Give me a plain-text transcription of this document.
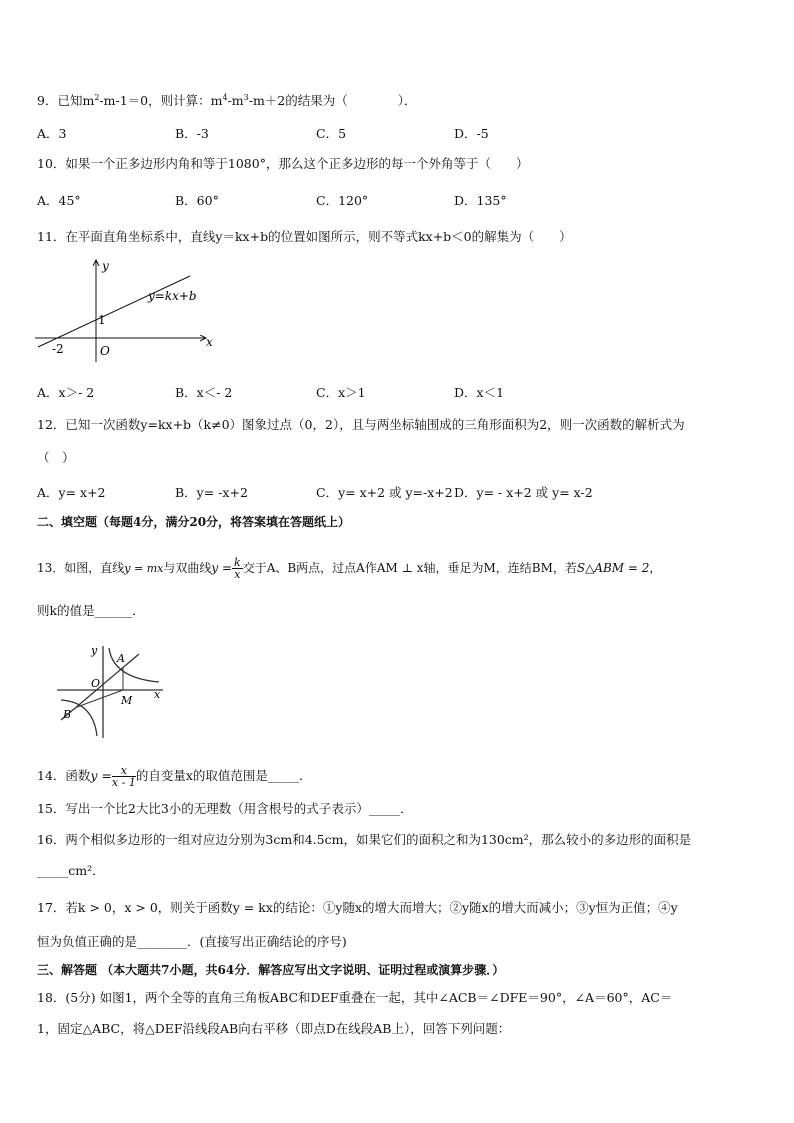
9．已知$m^2-m-1=0$，则计算：$m^4-m^3-m+2$的结果为（　　　　）．
A．3	B．-3	C．5	D．-5
10．如果一个正多边形内角和等于1080°，那么这个正多边形的每一个外角等于（　　）
A．45°	B．60°	C．120°	D．135°
11．在平面直角坐标系中，直线y＝kx+b的位置如图所示，则不等式kx+b＜0的解集为（　　）
x
y
y=kx+b
1
-2	O
A．x＞- 2	B．x＜- 2	C．x＞1	D．x＜1
12．已知一次函数y=kx+b（k≠0）图象过点（0，2），且与两坐标轴围成的三角形面积为2，则一次函数的解析式为
（　）
A．y= x+2	B．y= -x+2	C．y= x+2 或 y=-x+2 D．y= - x+2 或 y= x-2
二、填空题（每题4分，满分20分，将答案填在答题纸上）
13．如图，直线y = mx与双曲线$y = \frac{k}{x}$ 交于A、B两点，过点A作AM ⊥ x轴，垂足为M，连结BM，若S△ABM = 2，
则k的值是______．
y
A
O
M x
B
14．函数$y = \frac{x}{x - 1}$ 的自变量x的取值范围是_____．
15．写出一个比2大比3小的无理数（用含根号的式子表示）_____．
16．两个相似多边形的一组对应边分别为3cm和4.5cm，如果它们的面积之和为130cm²，那么较小的多边形的面积是
_____cm²．
17．若k > 0，x > 0，则关于函数y = kx的结论：①y随x的增大而增大；②y随x的增大而减小；③y恒为正值；④y
恒为负值正确的是________．(直接写出正确结论的序号)
三、解答题 （本大题共7小题，共64分．解答应写出文字说明、证明过程或演算步骤．）
18．(5分) 如图1，两个全等的直角三角板ABC和DEF重叠在一起，其中∠ACB＝∠DFE＝90°，∠A＝60°，AC＝
1，固定△ABC，将△DEF沿线段AB向右平移（即点D在线段AB上），回答下列问题：
